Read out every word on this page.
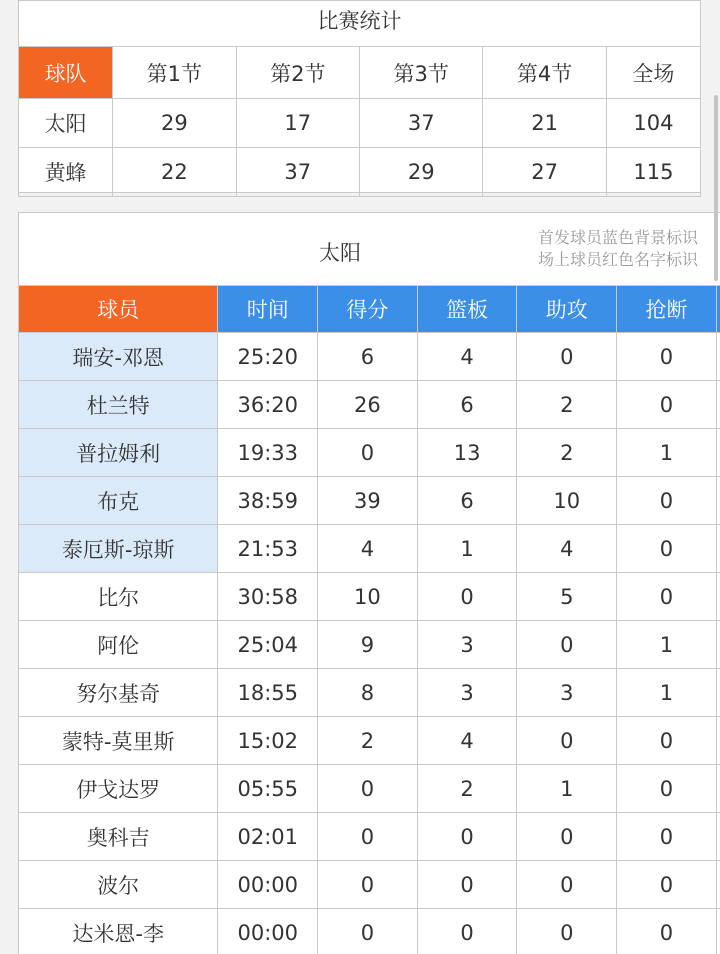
比赛统计
球队	第1节	第2节	第3节	第4节	全场
太阳	29	17	37	21	104
黄蜂	22	37	29	27	115
太阳
首发球员蓝色背景标识
场上球员红色名字标识
球员	时间	得分	篮板	助攻	抢断	
瑞安-邓恩	25:20	6	4	0	0	
杜兰特	36:20	26	6	2	0	
普拉姆利	19:33	0	13	2	1	
布克	38:59	39	6	10	0	
泰厄斯-琼斯	21:53	4	1	4	0	
比尔	30:58	10	0	5	0	
阿伦	25:04	9	3	0	1	
努尔基奇	18:55	8	3	3	1	
蒙特-莫里斯	15:02	2	4	0	0	
伊戈达罗	05:55	0	2	1	0	
奥科吉	02:01	0	0	0	0	
波尔	00:00	0	0	0	0	
达米恩-李	00:00	0	0	0	0	
